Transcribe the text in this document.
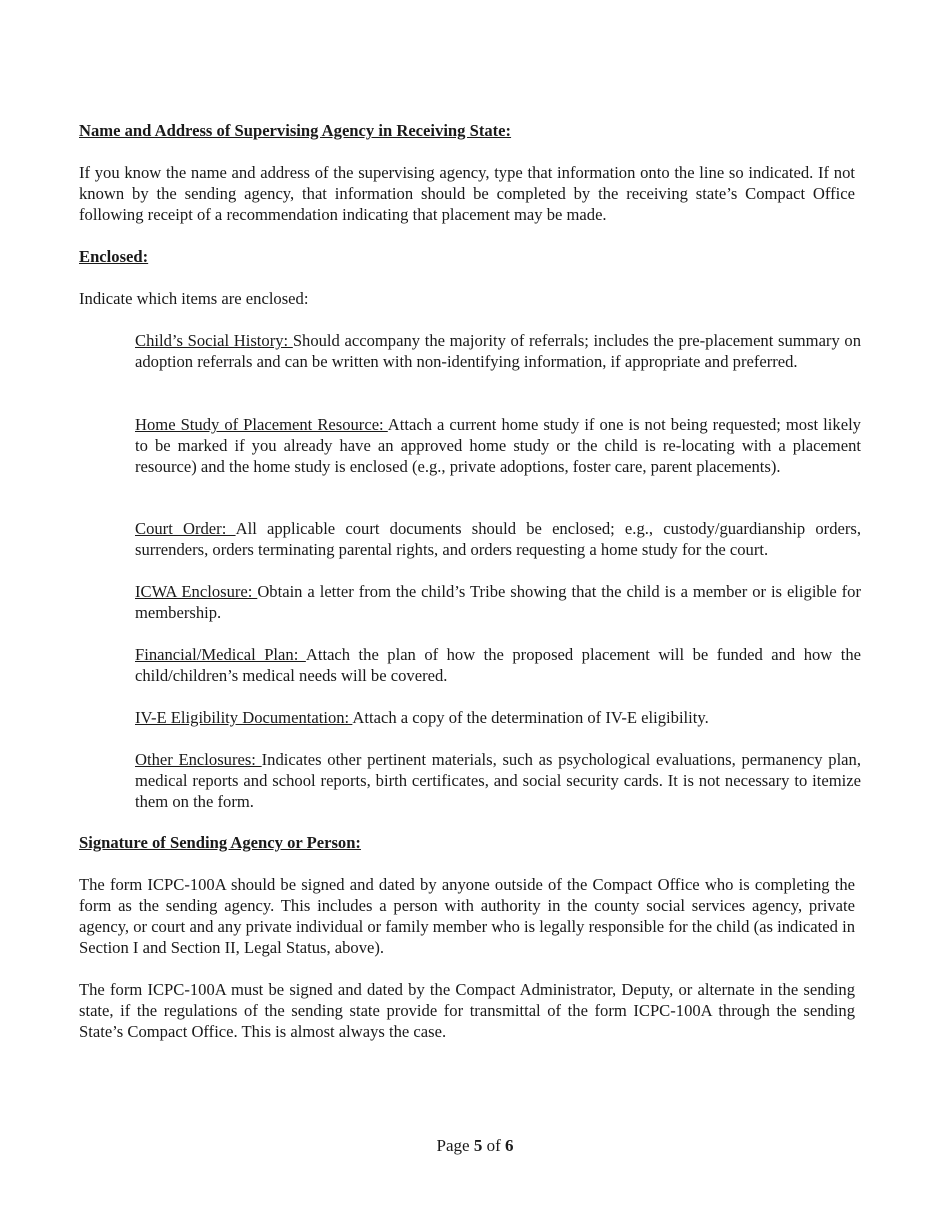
Name and Address of Supervising Agency in Receiving State:

If you know the name and address of the supervising agency, type that information onto the line so indicated. If not known by the sending agency, that information should be completed by the receiving state’s Compact Office following receipt of a recommendation indicating that placement may be made.

Enclosed:

Indicate which items are enclosed:

Child’s Social History: Should accompany the majority of referrals; includes the pre-placement summary on adoption referrals and can be written with non-identifying information, if appropriate and preferred.

Home Study of Placement Resource: Attach a current home study if one is not being requested; most likely to be marked if you already have an approved home study or the child is re-locating with a placement resource) and the home study is enclosed (e.g., private adoptions, foster care, parent placements).

Court Order: All applicable court documents should be enclosed; e.g., custody/guardianship orders, surrenders, orders terminating parental rights, and orders requesting a home study for the court.

ICWA Enclosure: Obtain a letter from the child’s Tribe showing that the child is a member or is eligible for membership.

Financial/Medical Plan: Attach the plan of how the proposed placement will be funded and how the child/children’s medical needs will be covered.

IV-E Eligibility Documentation: Attach a copy of the determination of IV-E eligibility.

Other Enclosures: Indicates other pertinent materials, such as psychological evaluations, permanency plan, medical reports and school reports, birth certificates, and social security cards. It is not necessary to itemize them on the form.

Signature of Sending Agency or Person:

The form ICPC-100A should be signed and dated by anyone outside of the Compact Office who is completing the form as the sending agency. This includes a person with authority in the county social services agency, private agency, or court and any private individual or family member who is legally responsible for the child (as indicated in Section I and Section II, Legal Status, above).

The form ICPC-100A must be signed and dated by the Compact Administrator, Deputy, or alternate in the sending state, if the regulations of the sending state provide for transmittal of the form ICPC-100A through the sending State’s Compact Office. This is almost always the case.

Page 5 of 6
